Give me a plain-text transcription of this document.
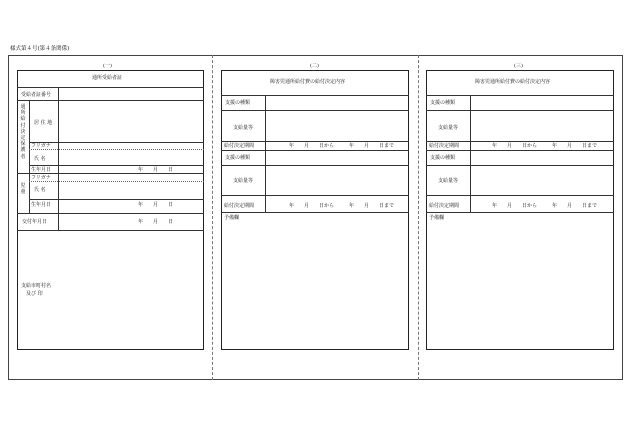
様式第４号(第４条関係)
(一)
通所受給者証
受給者証番号
通所給付決定保護者
居 住 地
フリガナ
氏 名
生年月日	年　　月　　日
児童
フリガナ
氏 名
生年月日	年　　月　　日
交付年月日	年　　月　　日
支給市町村名
及び 印
(二)
障害児通所給付費の給付決定内容
支援の種類
支給量等
給付決定期間	年　　月　　日から　　　年　　月　　日まで
支援の種類
支給量等
給付決定期間	年　　月　　日から　　　年　　月　　日まで
予備欄
(三)
障害児通所給付費の給付決定内容
支援の種類
支給量等
給付決定期間	年　　月　　日から　　　年　　月　　日まで
支援の種類
支給量等
給付決定期間	年　　月　　日から　　　年　　月　　日まで
予備欄
